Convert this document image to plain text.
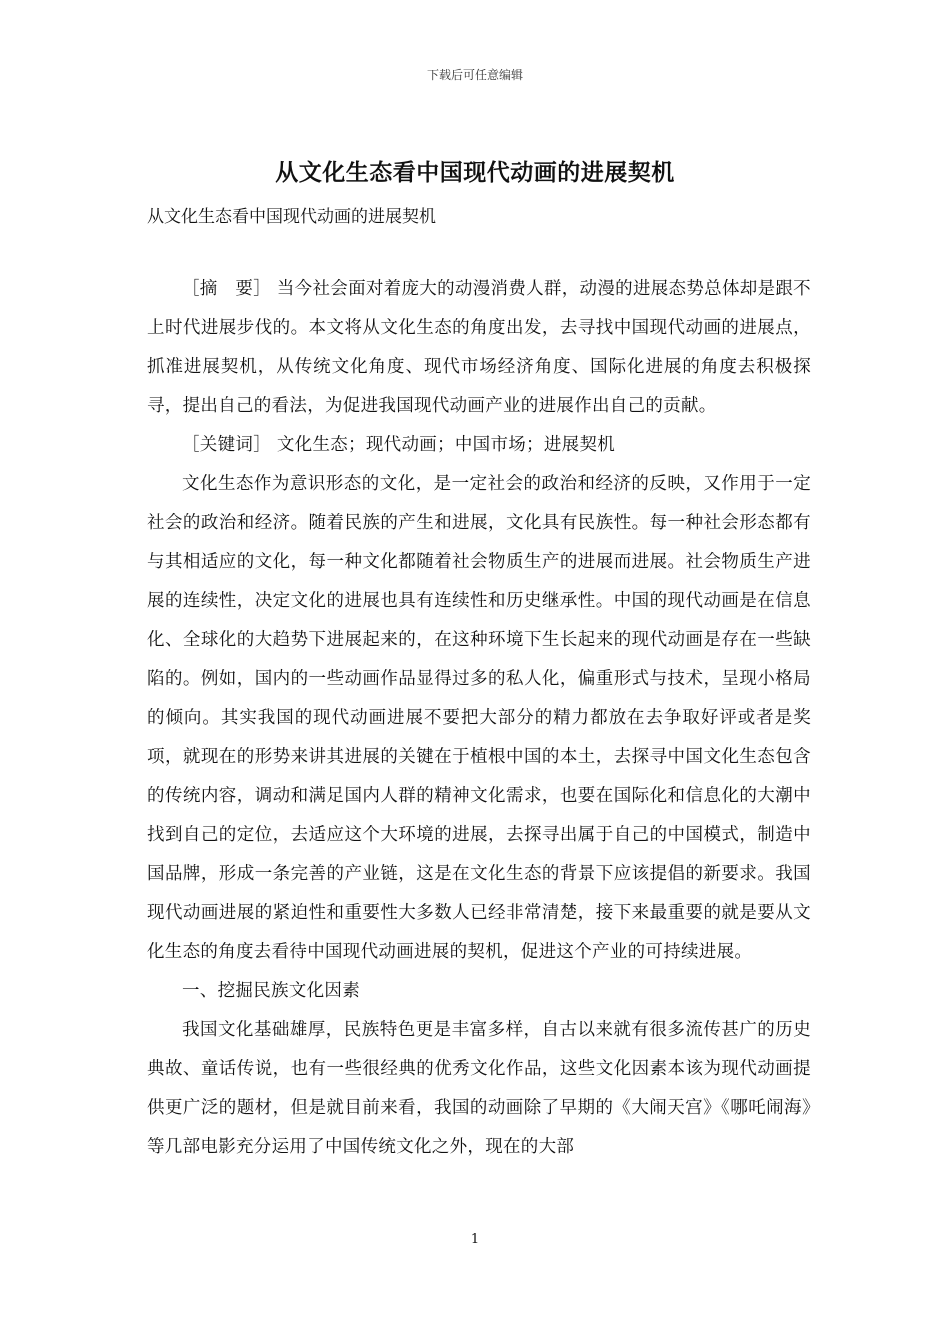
下载后可任意编辑
从文化生态看中国现代动画的进展契机
从文化生态看中国现代动画的进展契机

［摘　要］ 当今社会面对着庞大的动漫消费人群，动漫的进展态势总体却是跟不上时代进展步伐的。本文将从文化生态的角度出发，去寻找中国现代动画的进展点，抓准进展契机，从传统文化角度、现代市场经济角度、国际化进展的角度去积极探寻，提出自己的看法，为促进我国现代动画产业的进展作出自己的贡献。

［关键词］ 文化生态；现代动画；中国市场；进展契机

文化生态作为意识形态的文化，是一定社会的政治和经济的反映，又作用于一定社会的政治和经济。随着民族的产生和进展，文化具有民族性。每一种社会形态都有与其相适应的文化，每一种文化都随着社会物质生产的进展而进展。社会物质生产进展的连续性，决定文化的进展也具有连续性和历史继承性。中国的现代动画是在信息化、全球化的大趋势下进展起来的，在这种环境下生长起来的现代动画是存在一些缺陷的。例如，国内的一些动画作品显得过多的私人化，偏重形式与技术，呈现小格局的倾向。其实我国的现代动画进展不要把大部分的精力都放在去争取好评或者是奖项，就现在的形势来讲其进展的关键在于植根中国的本土，去探寻中国文化生态包含的传统内容，调动和满足国内人群的精神文化需求，也要在国际化和信息化的大潮中找到自己的定位，去适应这个大环境的进展，去探寻出属于自己的中国模式，制造中国品牌，形成一条完善的产业链，这是在文化生态的背景下应该提倡的新要求。我国现代动画进展的紧迫性和重要性大多数人已经非常清楚，接下来最重要的就是要从文化生态的角度去看待中国现代动画进展的契机，促进这个产业的可持续进展。

一、挖掘民族文化因素

我国文化基础雄厚，民族特色更是丰富多样，自古以来就有很多流传甚广的历史典故、童话传说，也有一些很经典的优秀文化作品，这些文化因素本该为现代动画提供更广泛的题材，但是就目前来看，我国的动画除了早期的《大闹天宫》《哪吒闹海》等几部电影充分运用了中国传统文化之外，现在的大部

1
